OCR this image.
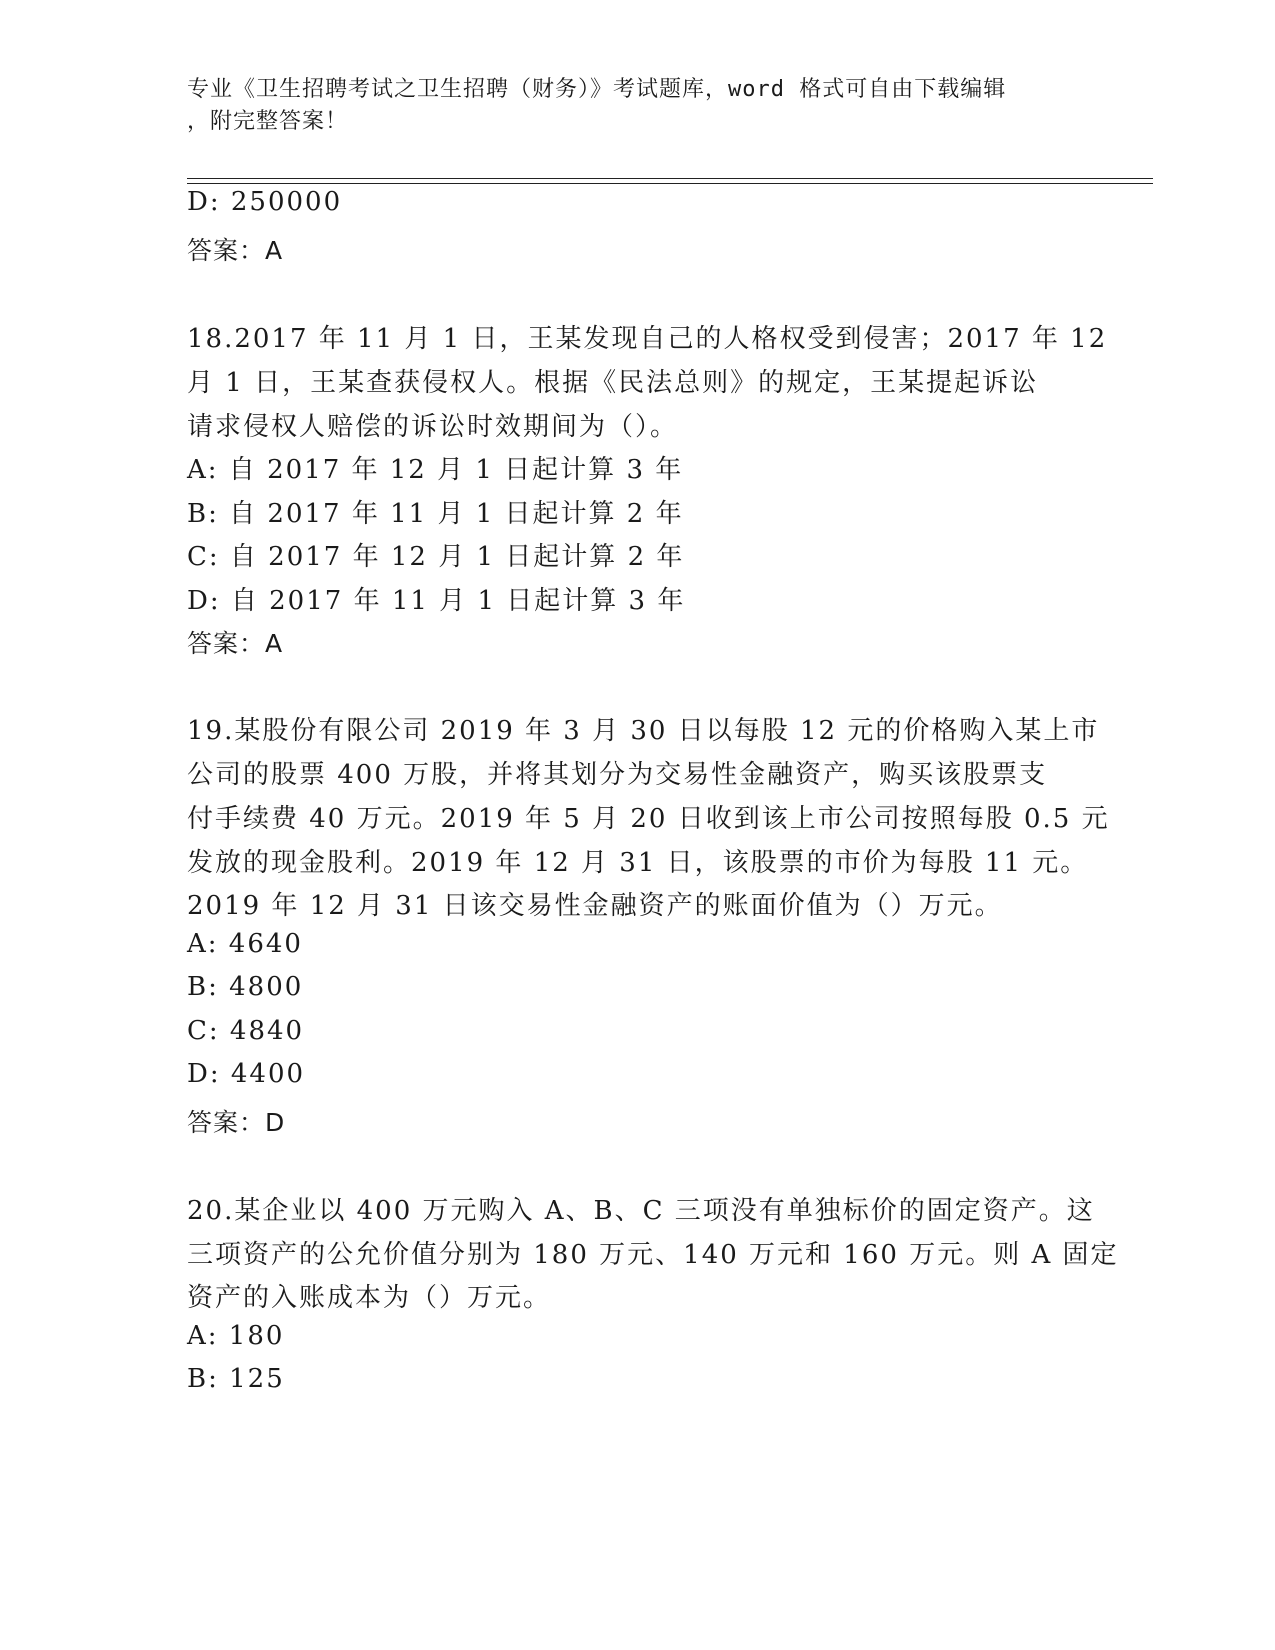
专业《卫生招聘考试之卫生招聘（财务）》考试题库，word 格式可自由下载编辑
，附完整答案！
D: 250000
答案：A
18.2017 年 11 月 1 日，王某发现自己的人格权受到侵害；2017 年 12
月 1 日，王某查获侵权人。根据《民法总则》的规定，王某提起诉讼
请求侵权人赔偿的诉讼时效期间为（）。
A: 自 2017 年 12 月 1 日起计算 3 年
B: 自 2017 年 11 月 1 日起计算 2 年
C: 自 2017 年 12 月 1 日起计算 2 年
D: 自 2017 年 11 月 1 日起计算 3 年
答案：A
19.某股份有限公司 2019 年 3 月 30 日以每股 12 元的价格购入某上市
公司的股票 400 万股，并将其划分为交易性金融资产，购买该股票支
付手续费 40 万元。2019 年 5 月 20 日收到该上市公司按照每股 0.5 元
发放的现金股利。2019 年 12 月 31 日，该股票的市价为每股 11 元。
2019 年 12 月 31 日该交易性金融资产的账面价值为（）万元。
A: 4640
B: 4800
C: 4840
D: 4400
答案：D
20.某企业以 400 万元购入 A、B、C 三项没有单独标价的固定资产。这
三项资产的公允价值分别为 180 万元、140 万元和 160 万元。则 A 固定
资产的入账成本为（）万元。
A: 180
B: 125
